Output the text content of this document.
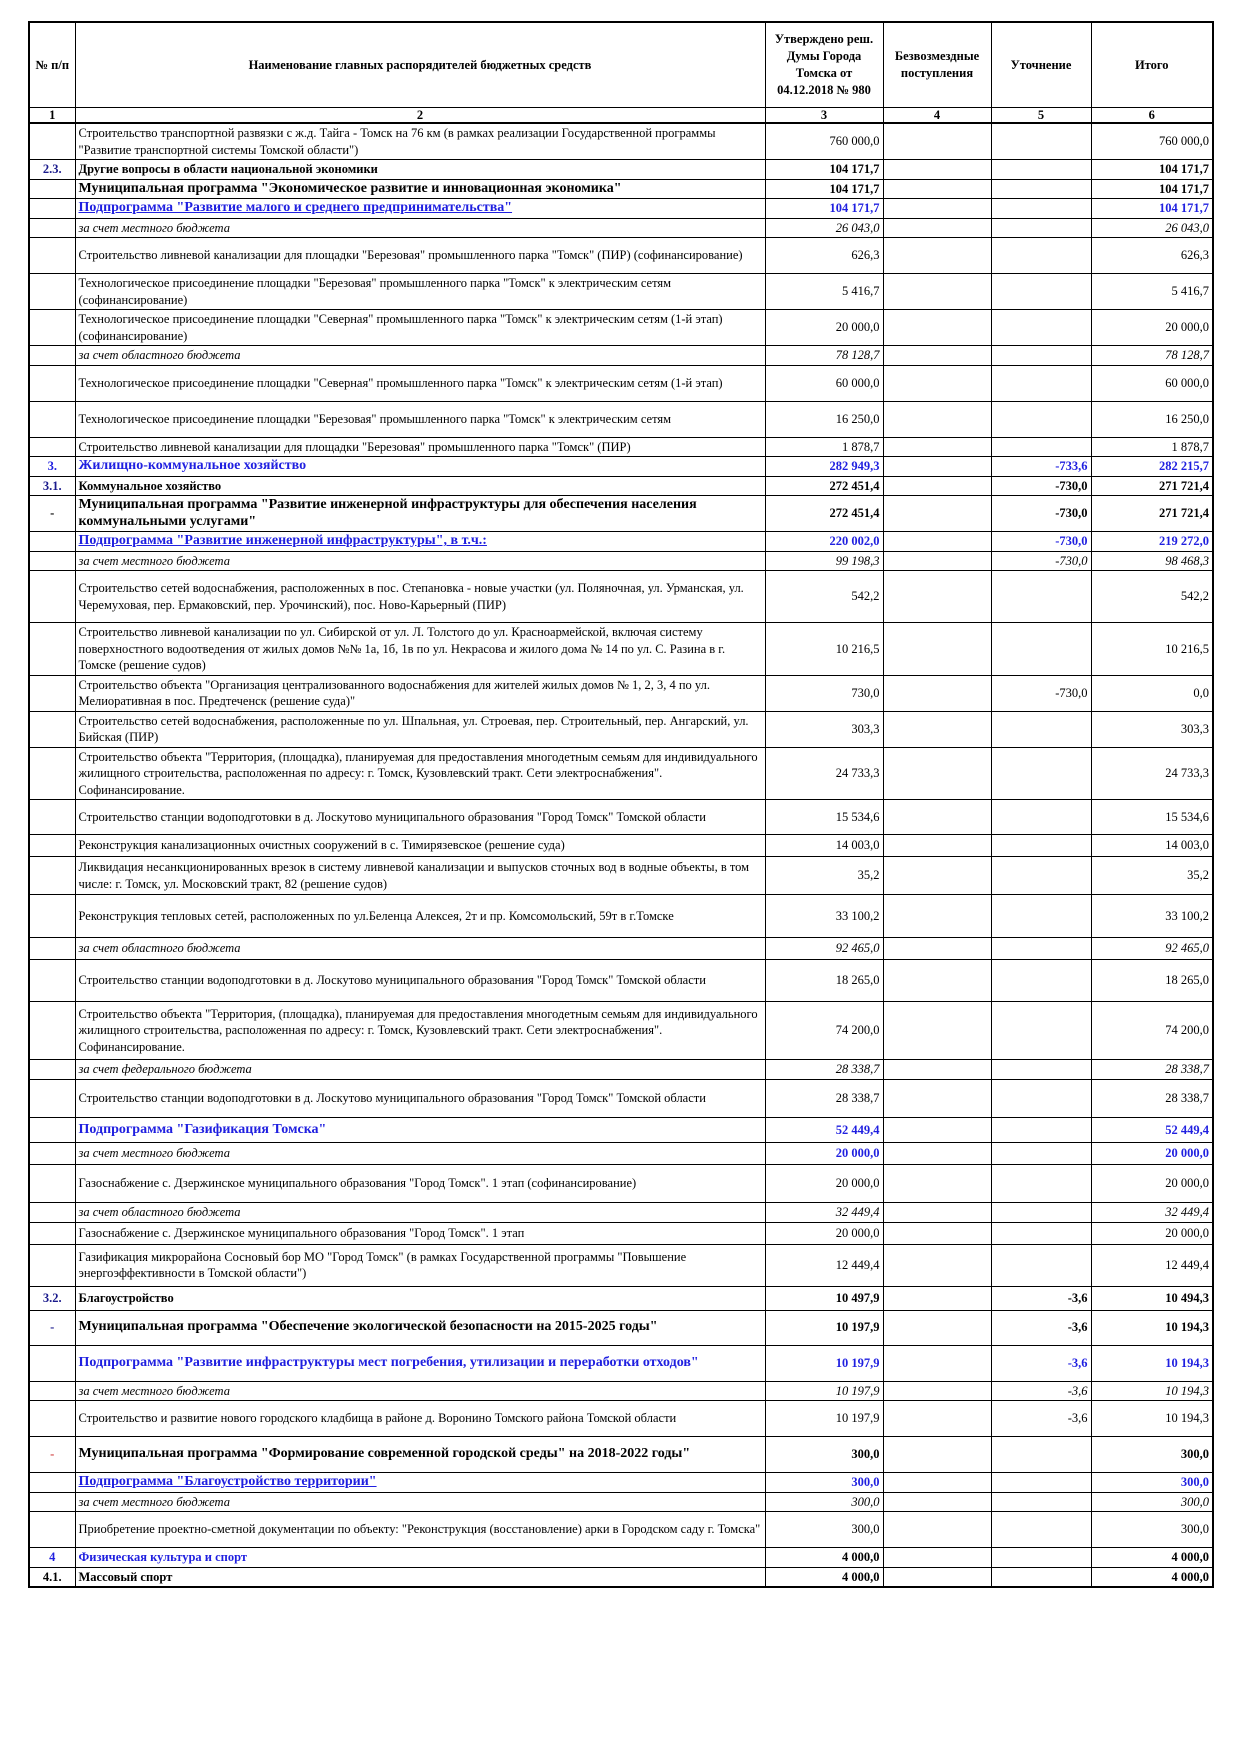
№ п/п	Наименование главных распорядителей бюджетных средств	Утверждено реш. Думы Города Томска от 04.12.2018 № 980	Безвозмездные поступления	Уточнение	Итого
1	2	3	4	5	6
	Строительство транспортной развязки с ж.д. Тайга - Томск на 76 км (в рамках реализации Государственной программы "Развитие транспортной системы Томской области")	760 000,0			760 000,0
2.3.	Другие вопросы в области национальной экономики	104 171,7			104 171,7
	Муниципальная программа "Экономическое развитие и инновационная экономика"	104 171,7			104 171,7
	Подпрограмма "Развитие малого и среднего предпринимательства"	104 171,7			104 171,7
	за счет местного бюджета	26 043,0			26 043,0
	Строительство ливневой канализации для площадки "Березовая" промышленного парка "Томск" (ПИР) (софинансирование)	626,3			626,3
	Технологическое присоединение площадки "Березовая" промышленного парка "Томск" к электрическим сетям (софинансирование)	5 416,7			5 416,7
	Технологическое присоединение площадки "Северная" промышленного парка "Томск" к электрическим сетям (1-й этап) (софинансирование)	20 000,0			20 000,0
	за счет областного бюджета	78 128,7			78 128,7
	Технологическое присоединение площадки "Северная" промышленного парка "Томск" к электрическим сетям (1-й этап)	60 000,0			60 000,0
	Технологическое присоединение площадки "Березовая" промышленного парка "Томск" к электрическим сетям	16 250,0			16 250,0
	Строительство ливневой канализации для площадки "Березовая" промышленного парка "Томск" (ПИР)	1 878,7			1 878,7
3.	Жилищно-коммунальное хозяйство	282 949,3		-733,6	282 215,7
3.1.	Коммунальное хозяйство	272 451,4		-730,0	271 721,4
-	Муниципальная программа "Развитие инженерной инфраструктуры для обеспечения населения коммунальными услугами"	272 451,4		-730,0	271 721,4
	Подпрограмма "Развитие инженерной инфраструктуры", в т.ч.:	220 002,0		-730,0	219 272,0
	за счет местного бюджета	99 198,3		-730,0	98 468,3
	Строительство сетей водоснабжения, расположенных в пос. Степановка - новые участки (ул. Поляночная, ул. Урманская, ул. Черемуховая, пер. Ермаковский, пер. Урочинский), пос. Ново-Карьерный (ПИР)	542,2			542,2
	Строительство ливневой канализации по ул. Сибирской от ул. Л. Толстого до ул. Красноармейской, включая систему поверхностного водоотведения от жилых домов №№ 1а, 1б, 1в по ул. Некрасова и жилого дома № 14 по ул. С. Разина в г. Томске (решение судов)	10 216,5			10 216,5
	Строительство объекта "Организация централизованного водоснабжения для жителей жилых домов № 1, 2, 3, 4 по ул. Мелиоративная в пос. Предтеченск (решение суда)"	730,0		-730,0	0,0
	Строительство сетей водоснабжения, расположенные по ул. Шпальная, ул. Строевая, пер. Строительный, пер. Ангарский, ул. Бийская (ПИР)	303,3			303,3
	Строительство объекта "Территория, (площадка), планируемая для предоставления многодетным семьям для индивидуального жилищного строительства, расположенная по адресу: г. Томск, Кузовлевский тракт. Сети электроснабжения". Софинансирование.	24 733,3			24 733,3
	Строительство станции водоподготовки в д. Лоскутово муниципального образования "Город Томск" Томской области	15 534,6			15 534,6
	Реконструкция канализационных очистных сооружений в с. Тимирязевское (решение суда)	14 003,0			14 003,0
	Ликвидация несанкционированных врезок в систему ливневой канализации и выпусков сточных вод в водные объекты, в том числе: г. Томск, ул. Московский тракт, 82 (решение судов)	35,2			35,2
	Реконструкция тепловых сетей, расположенных по ул.Беленца Алексея, 2т и пр. Комсомольский, 59т в г.Томске	33 100,2			33 100,2
	за счет областного бюджета	92 465,0			92 465,0
	Строительство станции водоподготовки в д. Лоскутово муниципального образования "Город Томск" Томской области	18 265,0			18 265,0
	Строительство объекта "Территория, (площадка), планируемая для предоставления многодетным семьям для индивидуального жилищного строительства, расположенная по адресу: г. Томск, Кузовлевский тракт. Сети электроснабжения". Софинансирование.	74 200,0			74 200,0
	за счет федерального бюджета	28 338,7			28 338,7
	Строительство станции водоподготовки в д. Лоскутово муниципального образования "Город Томск" Томской области	28 338,7			28 338,7
	Подпрограмма "Газификация Томска"	52 449,4			52 449,4
	за счет местного бюджета	20 000,0			20 000,0
	Газоснабжение с. Дзержинское муниципального образования "Город Томск". 1 этап (софинансирование)	20 000,0			20 000,0
	за счет областного бюджета	32 449,4			32 449,4
	Газоснабжение с. Дзержинское муниципального образования "Город Томск". 1 этап	20 000,0			20 000,0
	Газификация микрорайона Сосновый бор МО "Город Томск" (в рамках Государственной программы "Повышение энергоэффективности в Томской области")	12 449,4			12 449,4
3.2.	Благоустройство	10 497,9		-3,6	10 494,3
-	Муниципальная программа "Обеспечение экологической безопасности на 2015-2025 годы"	10 197,9		-3,6	10 194,3
	Подпрограмма "Развитие инфраструктуры мест погребения, утилизации и переработки отходов"	10 197,9		-3,6	10 194,3
	за счет местного бюджета	10 197,9		-3,6	10 194,3
	Строительство и развитие нового городского кладбища в районе д. Воронино Томского района Томской области	10 197,9		-3,6	10 194,3
-	Муниципальная программа "Формирование современной городской среды" на 2018-2022 годы"	300,0			300,0
	Подпрограмма "Благоустройство территории"	300,0			300,0
	за счет местного бюджета	300,0			300,0
	Приобретение проектно-сметной документации по объекту: "Реконструкция (восстановление) арки в Городском саду г. Томска"	300,0			300,0
4	Физическая культура и спорт	4 000,0			4 000,0
4.1.	Массовый спорт	4 000,0			4 000,0
